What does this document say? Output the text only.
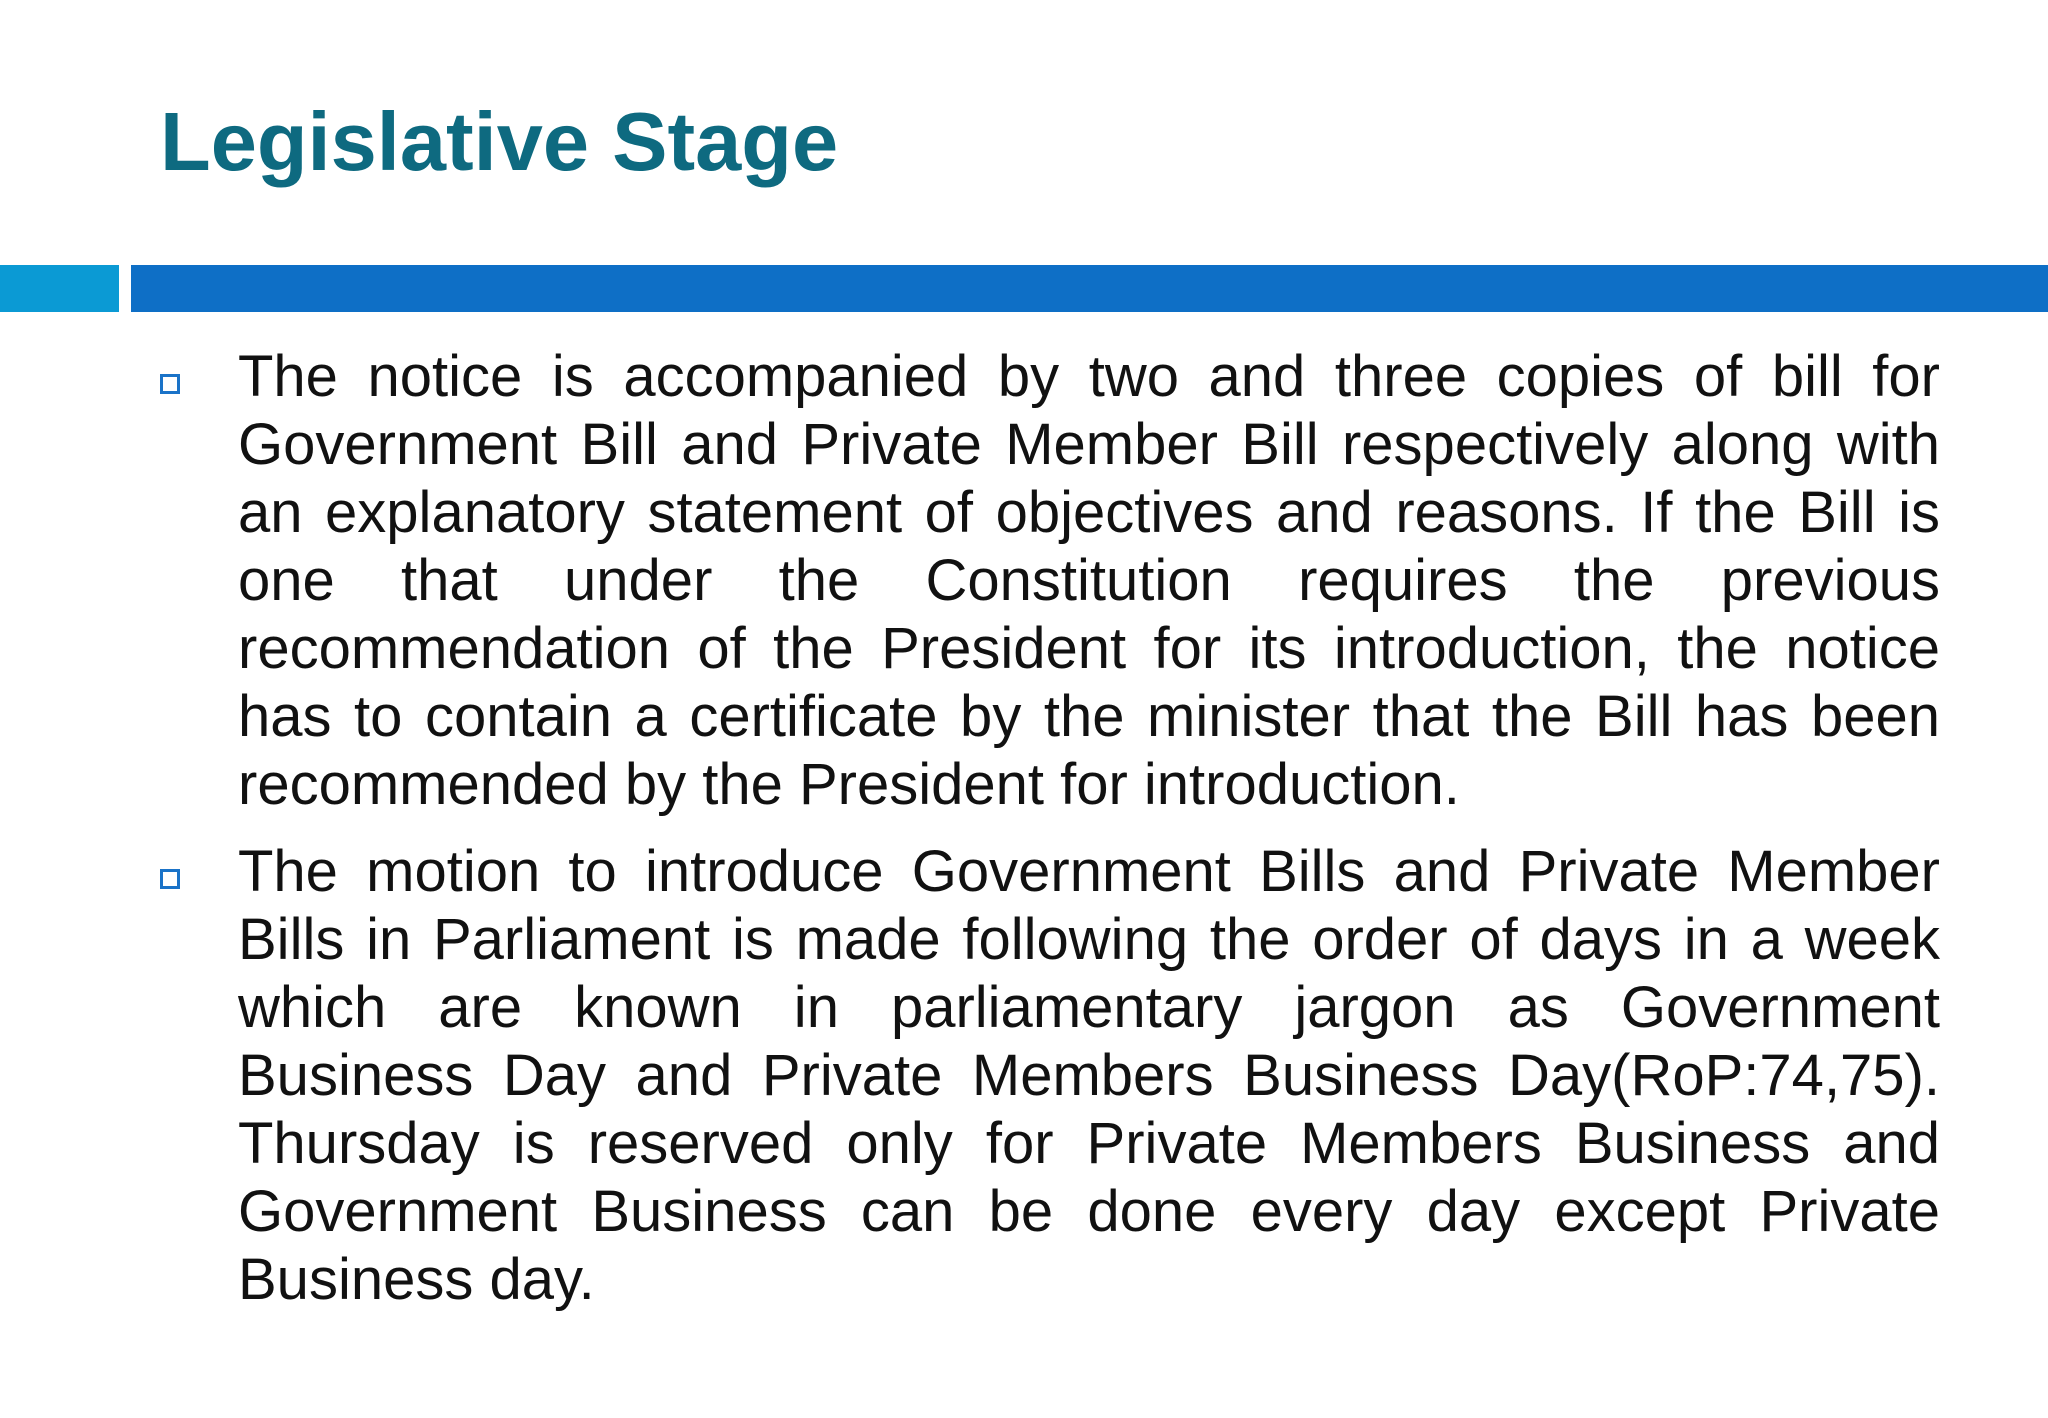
Legislative Stage
The notice is accompanied by two and three copies of bill for Government Bill and Private Member Bill respectively along with an explanatory statement of objectives and reasons. If the Bill is one that under the Constitution requires the previous recommendation of the President for its introduction, the notice has to contain a certificate by the minister that the Bill has been recommended by the President for introduction.
The motion to introduce Government Bills and Private Member Bills in Parliament is made following the order of days in a week which are known in parliamentary jargon as Government Business Day and Private Members Business Day(RoP:74,75). Thursday is reserved only for Private Members Business and Government Business can be done every day except Private Business day.
